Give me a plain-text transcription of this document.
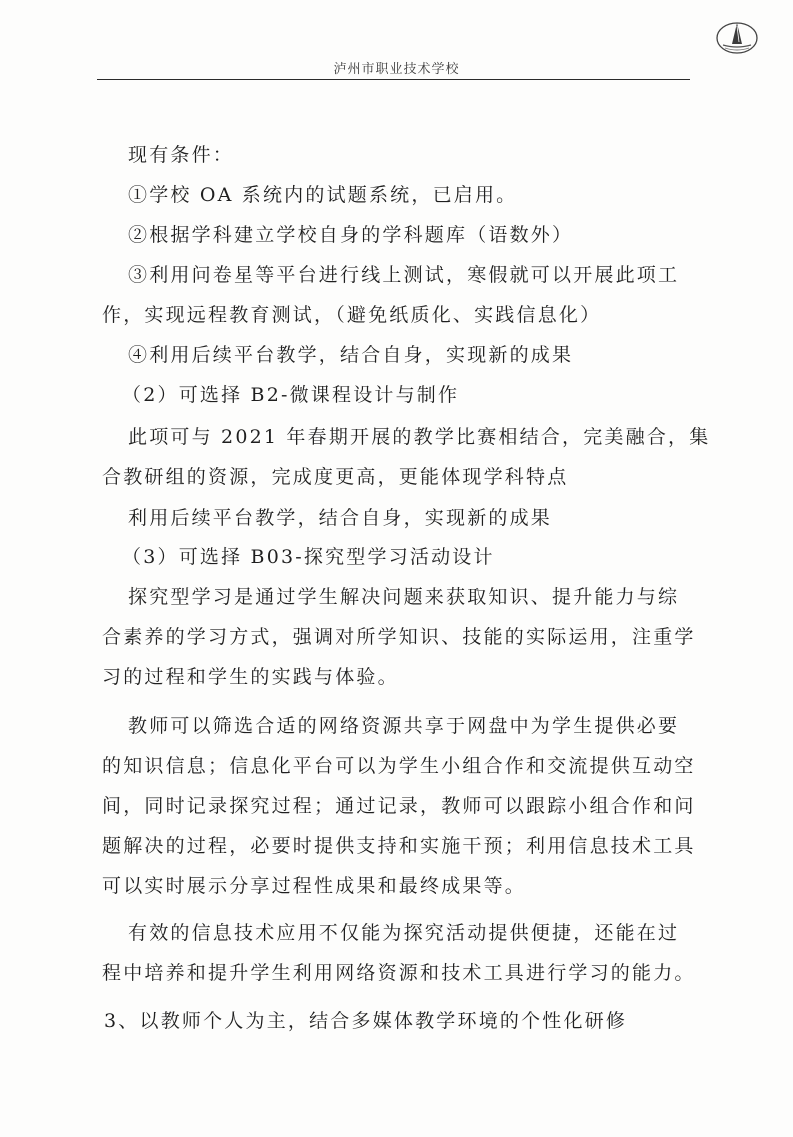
泸州市职业技术学校
现有条件：
①学校 OA 系统内的试题系统，已启用。
②根据学科建立学校自身的学科题库（语数外）
③利用问卷星等平台进行线上测试，寒假就可以开展此项工
作，实现远程教育测试，（避免纸质化、实践信息化）
④利用后续平台教学，结合自身，实现新的成果
（2）可选择 B2-微课程设计与制作
此项可与 2021 年春期开展的教学比赛相结合，完美融合，集
合教研组的资源，完成度更高，更能体现学科特点
利用后续平台教学，结合自身，实现新的成果
（3）可选择 B03-探究型学习活动设计
探究型学习是通过学生解决问题来获取知识、提升能力与综
合素养的学习方式，强调对所学知识、技能的实际运用，注重学
习的过程和学生的实践与体验。
教师可以筛选合适的网络资源共享于网盘中为学生提供必要
的知识信息；信息化平台可以为学生小组合作和交流提供互动空
间，同时记录探究过程；通过记录，教师可以跟踪小组合作和问
题解决的过程，必要时提供支持和实施干预；利用信息技术工具
可以实时展示分享过程性成果和最终成果等。
有效的信息技术应用不仅能为探究活动提供便捷，还能在过
程中培养和提升学生利用网络资源和技术工具进行学习的能力。
3、以教师个人为主，结合多媒体教学环境的个性化研修
